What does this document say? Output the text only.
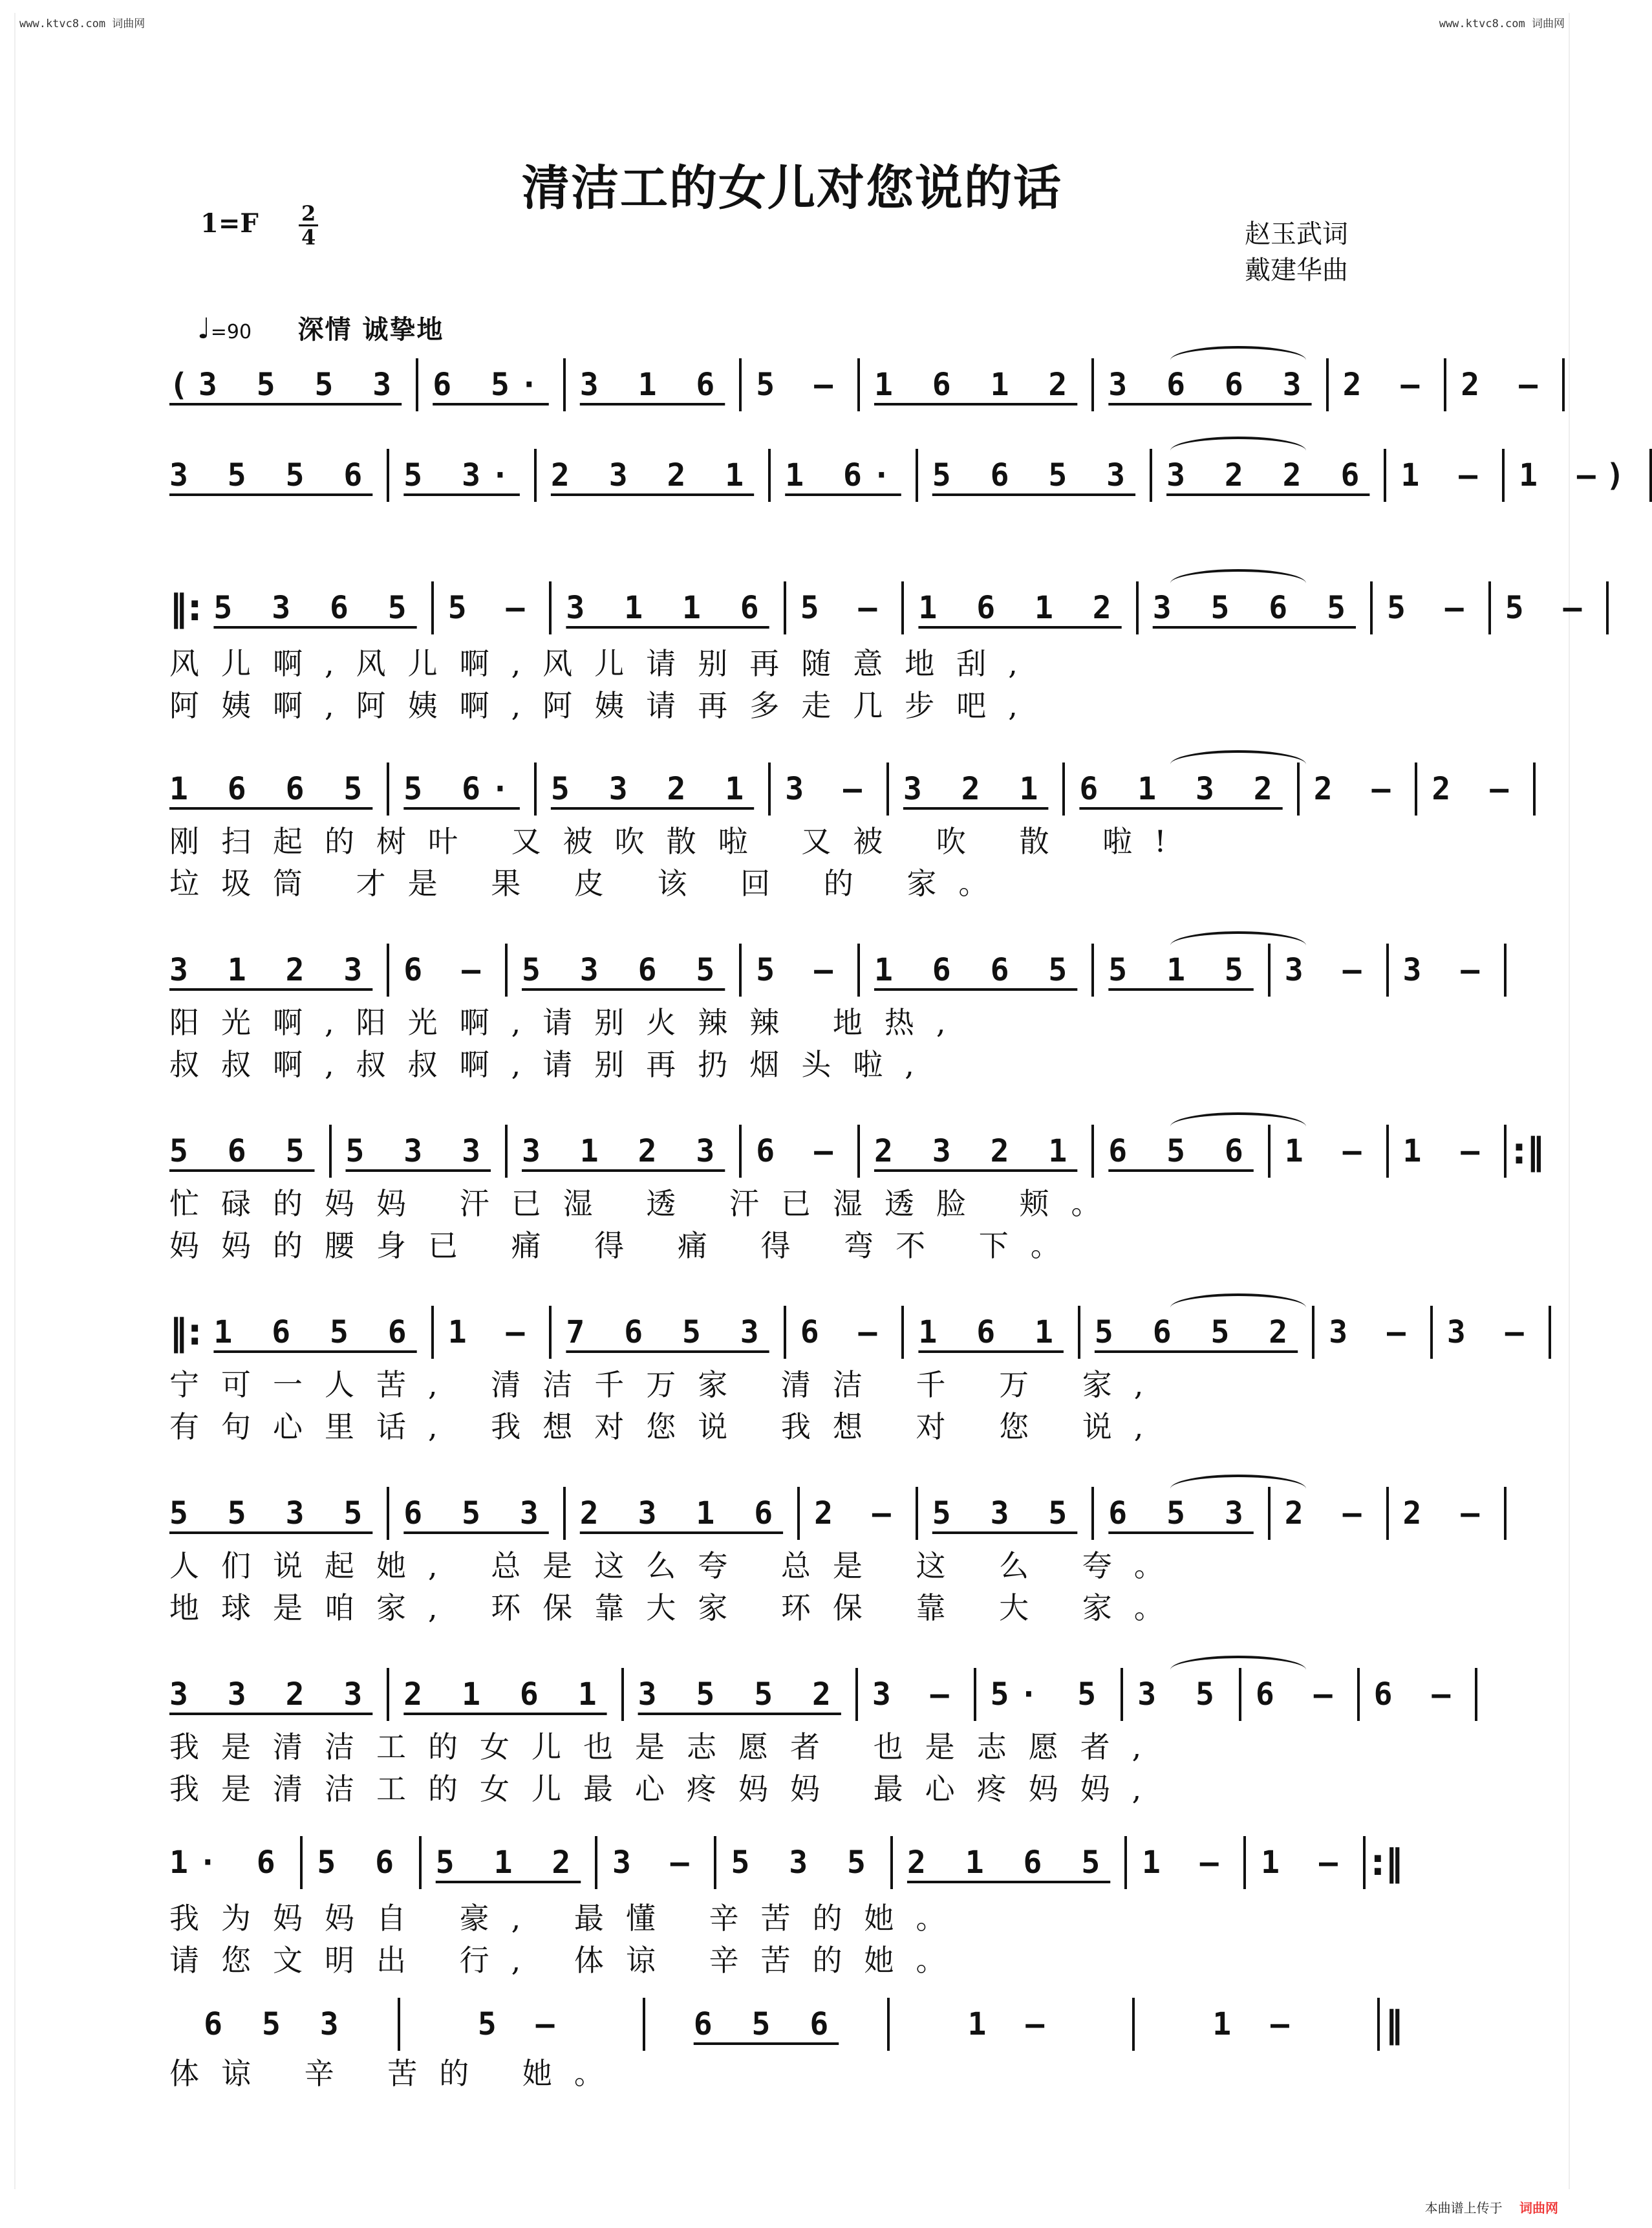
www.ktvc8.com 词曲网	www.ktvc8.com 词曲网
清洁工的女儿对您说的话
$1=F \frac{2}{4}$	赵玉武词
戴建华曲
♩=90 深情 诚挚地
(3 5 5 3 6 5· 3 1 6 5 – 1 6 1 2 3 6 6 3 2 – 2 –
3 5 5 6 5 3· 2 3 2 1 1 6· 5 6 5 3 3 2 2 6 1 – 1 –)
‖: 5 3 6 5 5 – 3 1 1 6 5 – 1 6 1 2 3 5 6 5 5 – 5 –
风儿啊,风儿啊,风儿请别再随意地刮,
阿姨啊,阿姨啊,阿姨请再多走几步吧,
1 6 6 5 5 6· 5 3 2 1 3 – 3 2 1 6 1 3 2 2 – 2 –
刚扫起的树叶 又被吹散啦 又被 吹 散 啦!
垃圾筒 才是 果 皮 该 回 的 家。
3 1 2 3 6 – 5 3 6 5 5 – 1 6 6 5 5 1 5 3 – 3 –
阳光啊,阳光啊,请别火辣辣 地热,
叔叔啊,叔叔啊,请别再扔烟头啦,
5 6 5 5 3 3 3 1 2 3 6 – 2 3 2 1 6 5 6 1 – 1 – :‖
忙碌的妈妈 汗已湿 透 汗已湿透脸 颊。
妈妈的腰身已 痛 得 痛 得 弯不 下。
‖: 1 6 5 6 1 – 7 6 5 3 6 – 1 6 1 5 6 5 2 3 – 3 –
宁可一人苦, 清洁千万家 清洁 千 万 家,
有句心里话, 我想对您说 我想 对 您 说,
5 5 3 5 6 5 3 2 3 1 6 2 – 5 3 5 6 5 3 2 – 2 –
人们说起她, 总是这么夸 总是 这 么 夸。
地球是咱家, 环保靠大家 环保 靠 大 家。
3 3 2 3 2 1 6 1 3 5 5 2 3 – 5· 5 3 5 6 – 6 –
我是清洁工的女儿也是志愿者 也是志愿者,
我是清洁工的女儿最心疼妈妈 最心疼妈妈,
1· 6 5 6 5 1 2 3 – 5 3 5 2 1 6 5 1 – 1 – :‖
我为妈妈自 豪, 最懂 辛苦的她。
请您文明出 行, 体谅 辛苦的她。
6 5 3	5 –	6 5 6	1 –	1 –	‖
体谅 辛 苦的 她。
本曲谱上传于 词曲网
